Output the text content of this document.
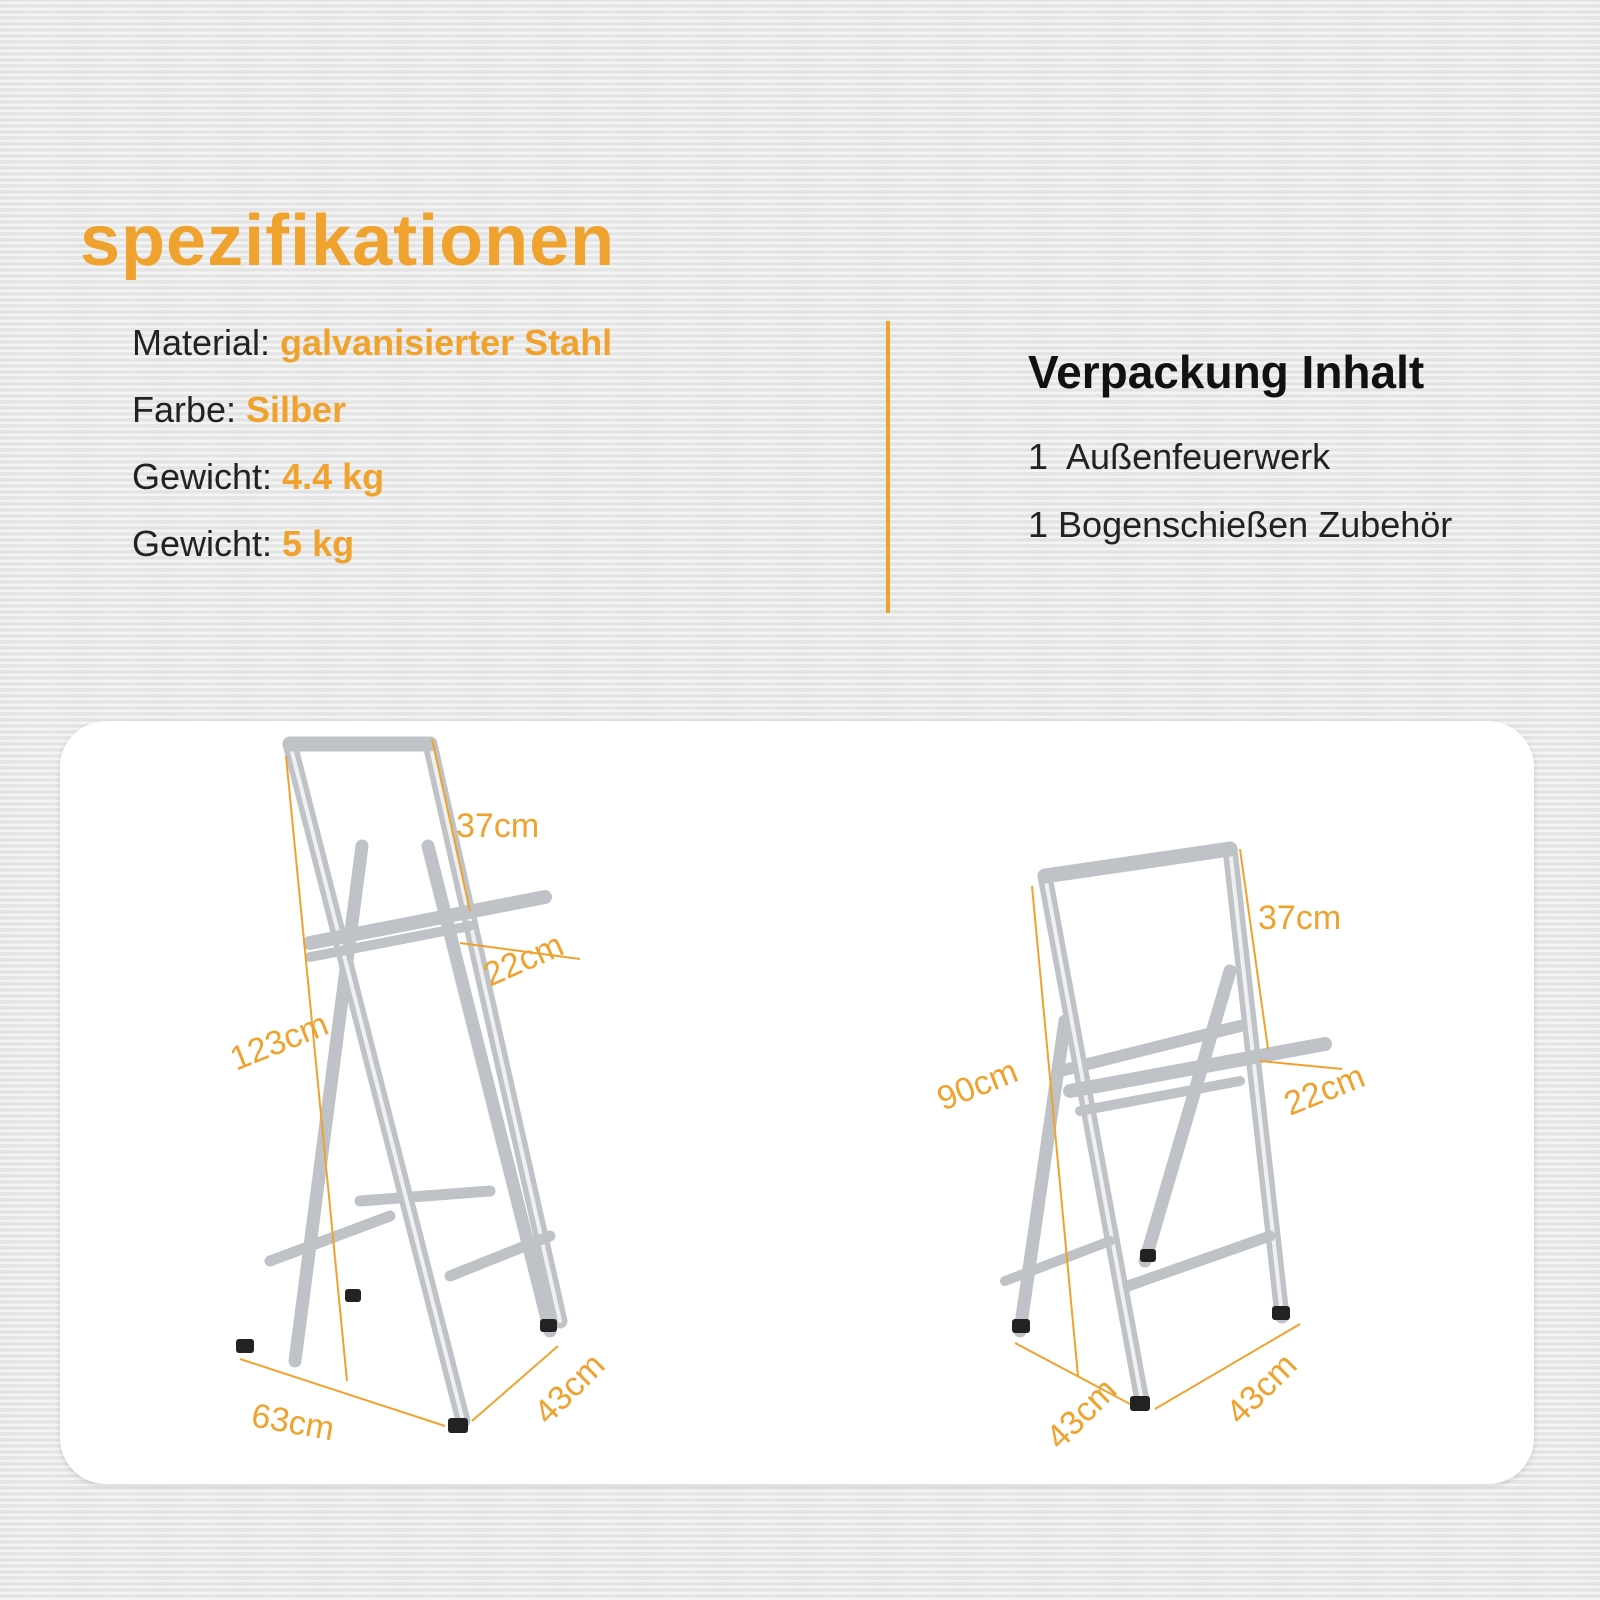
spezifikationen
Material: galvanisierter Stahl
Farbe: Silber
Gewicht: 4.4 kg
Gewicht: 5 kg
Verpackung Inhalt
1 Außenfeuerwerk
1 Bogenschießen Zubehör
37cm
22cm
123cm
63cm	43cm
37cm
22cm
90cm
43cm	43cm
